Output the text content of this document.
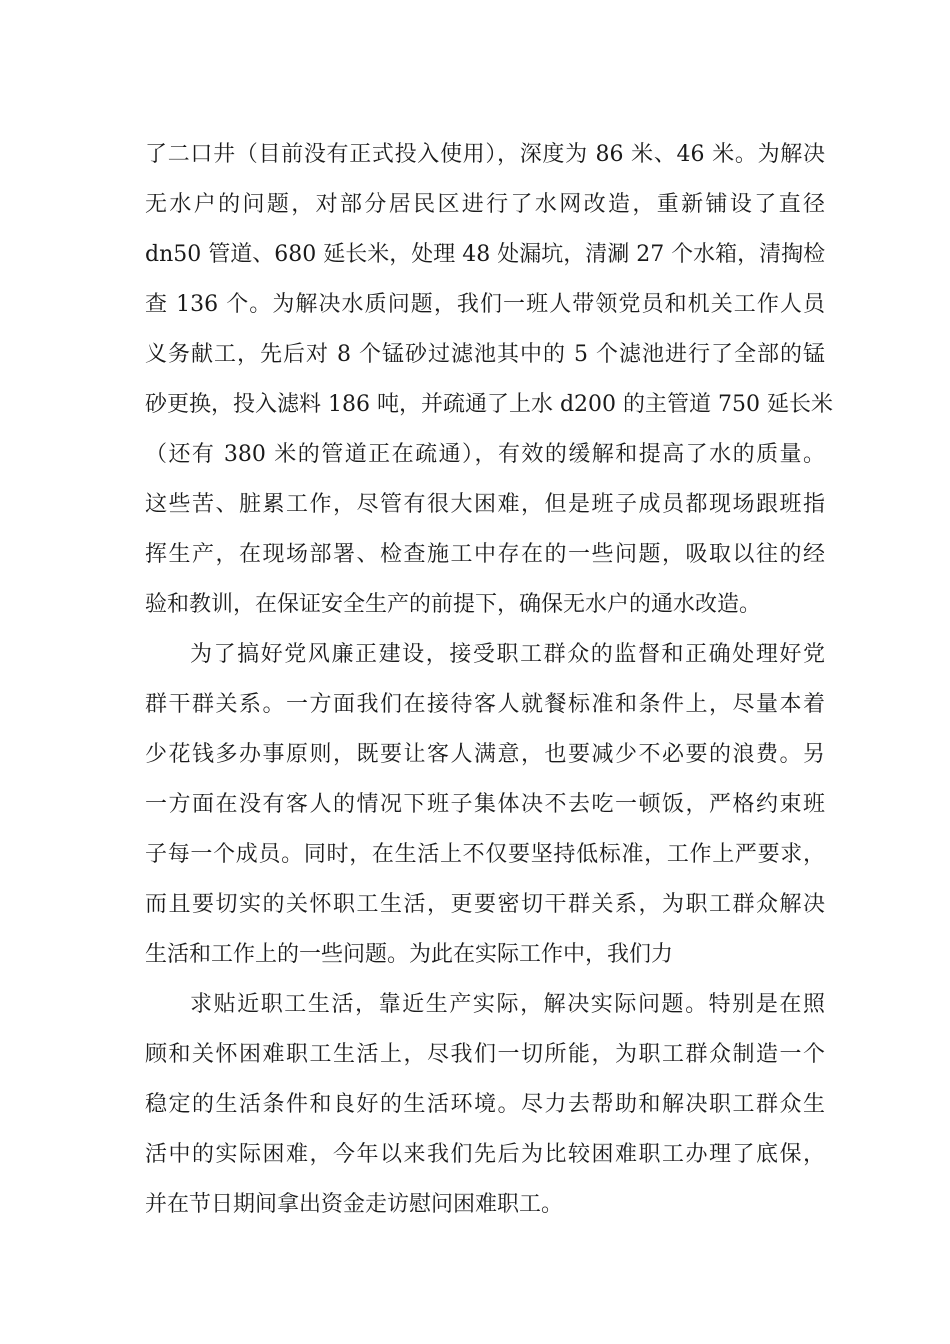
了二口井（目前没有正式投入使用），深度为 86 米、46 米。为解决
无水户的问题，对部分居民区进行了水网改造，重新铺设了直径
dn50 管道、680 延长米，处理 48 处漏坑，清涮 27 个水箱，清掏检
查 136 个。为解决水质问题，我们一班人带领党员和机关工作人员
义务献工，先后对 8 个锰砂过滤池其中的 5 个滤池进行了全部的锰
砂更换，投入滤料 186 吨，并疏通了上水 d200 的主管道 750 延长米
（还有 380 米的管道正在疏通），有效的缓解和提高了水的质量。
这些苦、脏累工作，尽管有很大困难，但是班子成员都现场跟班指
挥生产，在现场部署、检查施工中存在的一些问题，吸取以往的经
验和教训，在保证安全生产的前提下，确保无水户的通水改造。
为了搞好党风廉正建设，接受职工群众的监督和正确处理好党
群干群关系。一方面我们在接待客人就餐标准和条件上，尽量本着
少花钱多办事原则，既要让客人满意，也要减少不必要的浪费。另
一方面在没有客人的情况下班子集体决不去吃一顿饭，严格约束班
子每一个成员。同时，在生活上不仅要坚持低标准，工作上严要求，
而且要切实的关怀职工生活，更要密切干群关系，为职工群众解决
生活和工作上的一些问题。为此在实际工作中，我们力
求贴近职工生活，靠近生产实际，解决实际问题。特别是在照
顾和关怀困难职工生活上，尽我们一切所能，为职工群众制造一个
稳定的生活条件和良好的生活环境。尽力去帮助和解决职工群众生
活中的实际困难，今年以来我们先后为比较困难职工办理了底保，
并在节日期间拿出资金走访慰问困难职工。
